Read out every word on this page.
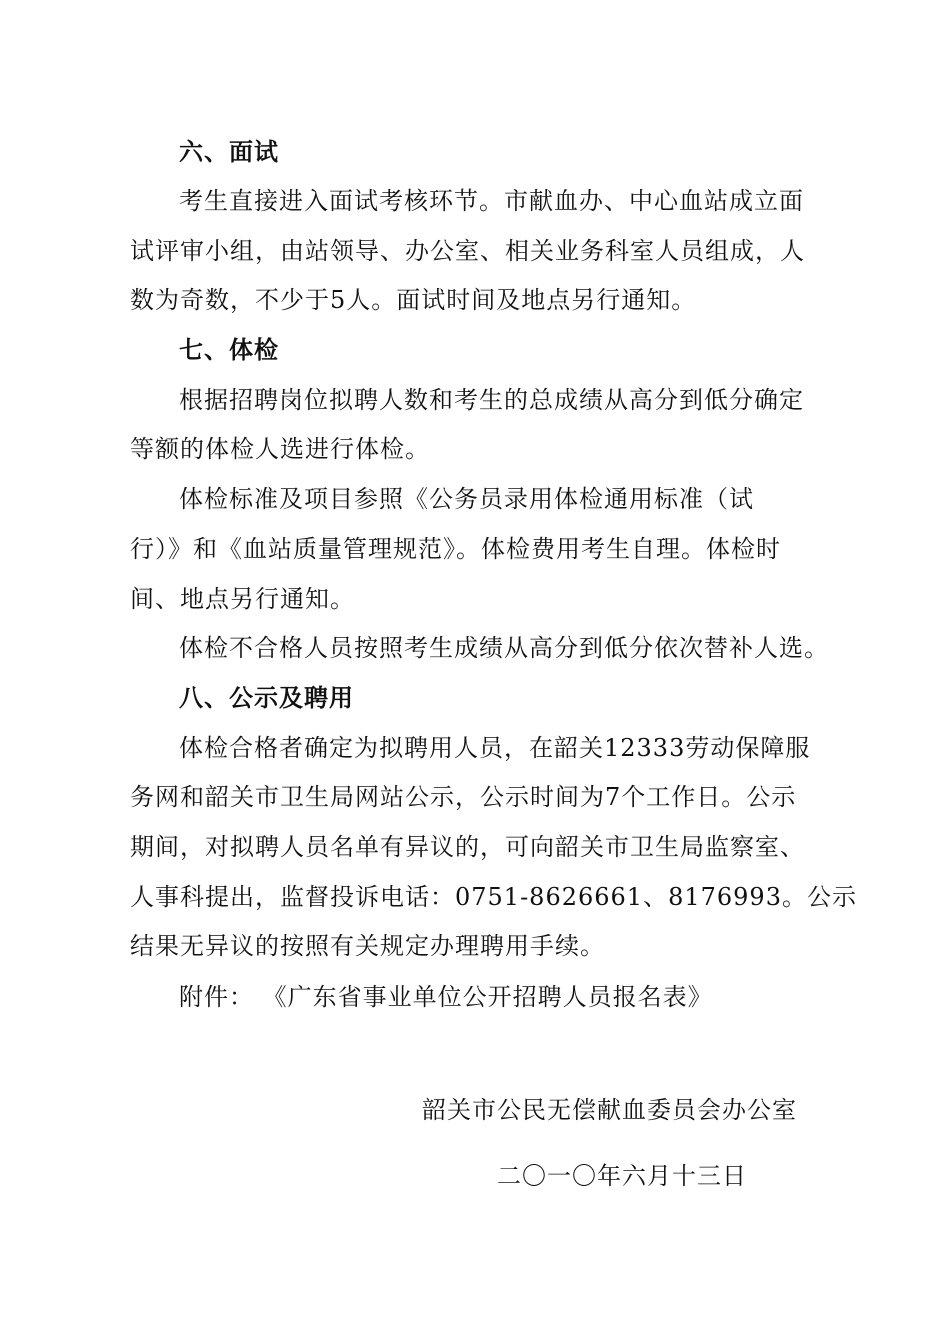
六、面试
考生直接进入面试考核环节。市献血办、中心血站成立面
试评审小组，由站领导、办公室、相关业务科室人员组成，人
数为奇数，不少于5人。面试时间及地点另行通知。
七、体检
根据招聘岗位拟聘人数和考生的总成绩从高分到低分确定
等额的体检人选进行体检。
体检标准及项目参照《公务员录用体检通用标准（试
行）》和《血站质量管理规范》。体检费用考生自理。体检时
间、地点另行通知。
体检不合格人员按照考生成绩从高分到低分依次替补人选。
八、公示及聘用
体检合格者确定为拟聘用人员，在韶关12333劳动保障服
务网和韶关市卫生局网站公示，公示时间为7个工作日。公示
期间，对拟聘人员名单有异议的，可向韶关市卫生局监察室、
人事科提出，监督投诉电话：0751-8626661、8176993。公示
结果无异议的按照有关规定办理聘用手续。
附件： 《广东省事业单位公开招聘人员报名表》
韶关市公民无偿献血委员会办公室
二〇一〇年六月十三日
